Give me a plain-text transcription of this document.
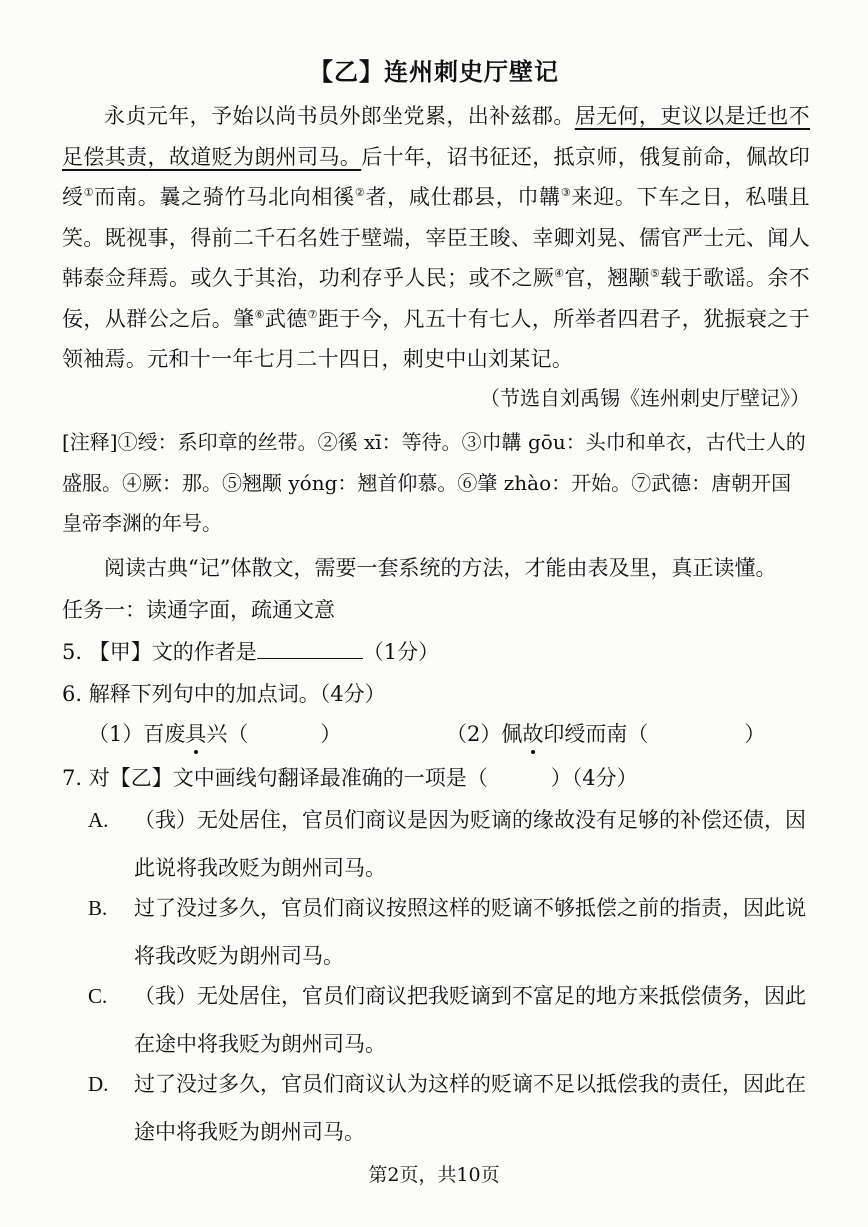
【乙】连州刺史厅壁记
永贞元年，予始以尚书员外郎坐党累，出补兹郡。居无何，吏议以是迁也不足偿其责，故道贬为朗州司马。后十年，诏书征还，抵京师，俄复前命，佩故印绶①而南。曩之骑竹马北向相徯②者，咸仕郡县，巾韝③来迎。下车之日，私嗤且笑。既视事，得前二千石名姓于壁端，宰臣王晙、幸卿刘晃、儒官严士元、闻人韩泰佥拜焉。或久于其治，功利存乎人民；或不之厥④官，翘颙⑤载于歌谣。余不佞，从群公之后。肇⑥武德⑦距于今，凡五十有七人，所举者四君子，犹振衰之于领袖焉。元和十一年七月二十四日，刺史中山刘某记。
（节选自刘禹锡《连州刺史厅壁记》）
[注释]①绶：系印章的丝带。②徯 xī：等待。③巾韝 gōu：头巾和单衣，古代士人的盛服。④厥：那。⑤翘颙 yóng：翘首仰慕。⑥肇 zhào：开始。⑦武德：唐朝开国皇帝李渊的年号。
阅读古典“记”体散文，需要一套系统的方法，才能由表及里，真正读懂。
任务一：读通字面，疏通文意
5. 【甲】文的作者是	（1分）
6. 解释下列句中的加点词。（4分）
（1）百废具兴（	）	（2）佩故印绶而南（	）
7. 对【乙】文中画线句翻译最准确的一项是（　　　）（4分）
A. （我）无处居住，官员们商议是因为贬谪的缘故没有足够的补偿还债，因此说将我改贬为朗州司马。
B. 过了没过多久，官员们商议按照这样的贬谪不够抵偿之前的指责，因此说将我改贬为朗州司马。
C. （我）无处居住，官员们商议把我贬谪到不富足的地方来抵偿债务，因此在途中将我贬为朗州司马。
D. 过了没过多久，官员们商议认为这样的贬谪不足以抵偿我的责任，因此在途中将我贬为朗州司马。
第2页，共10页
